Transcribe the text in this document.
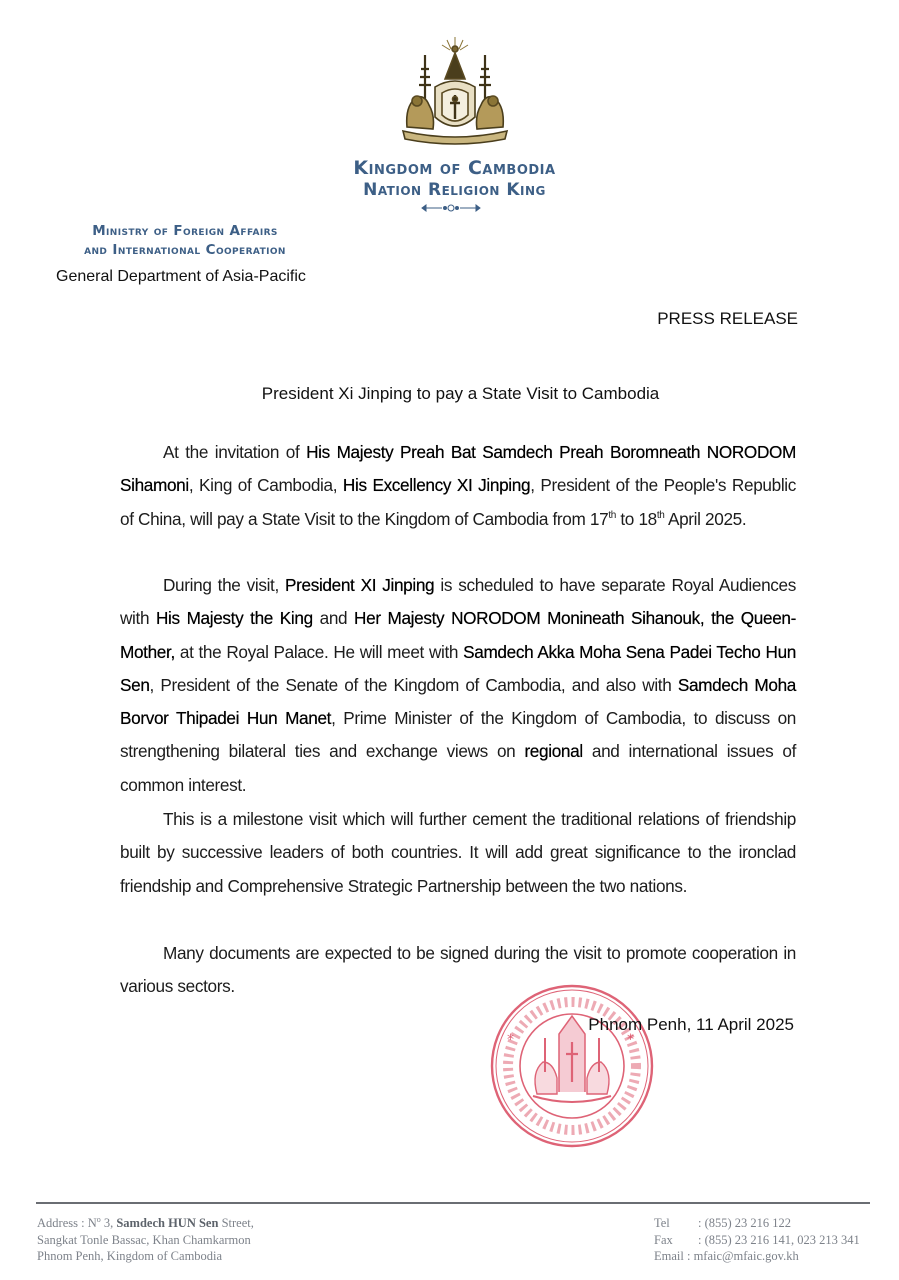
Kingdom of Cambodia
Nation Religion King
Ministry of Foreign Affairs
and International Cooperation
General Department of Asia-Pacific
PRESS RELEASE
President Xi Jinping to pay a State Visit to Cambodia
At the invitation of His Majesty Preah Bat Samdech Preah Boromneath NORODOM Sihamoni, King of Cambodia, His Excellency XI Jinping, President of the People's Republic of China, will pay a State Visit to the Kingdom of Cambodia from 17th to 18th April 2025.
During the visit, President XI Jinping is scheduled to have separate Royal Audiences with His Majesty the King and Her Majesty NORODOM Monineath Sihanouk, the Queen-Mother, at the Royal Palace. He will meet with Samdech Akka Moha Sena Padei Techo Hun Sen, President of the Senate of the Kingdom of Cambodia, and also with Samdech Moha Borvor Thipadei Hun Manet, Prime Minister of the Kingdom of Cambodia, to discuss on strengthening bilateral ties and exchange views on regional and international issues of common interest.
This is a milestone visit which will further cement the traditional relations of friendship built by successive leaders of both countries. It will add great significance to the ironclad friendship and Comprehensive Strategic Partnership between the two nations.
Many documents are expected to be signed during the visit to promote cooperation in various sectors.
*	*
Phnom Penh, 11 April 2025
Address : $N^o$ 3, Samdech HUN Sen Street,
Sangkat Tonle Bassac, Khan Chamkarmon
Phnom Penh, Kingdom of Cambodia
Tel : (855) 23 216 122
Fax : (855) 23 216 141, 023 213 341
Email : mfaic@mfaic.gov.kh
